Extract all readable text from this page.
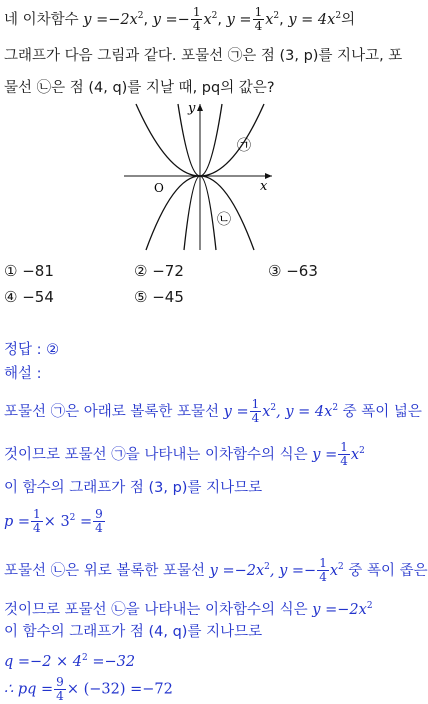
네 이차함수 $y =-2x^2$, $y =- \frac{1}{4} x^2$, $y = \frac{1}{4} x^2$, $y = 4x^2$의
그래프가 다음 그림과 같다. 포물선 ㉠은 점 (3, p)를 지나고, 포
물선 ㉡은 점 (4, q)를 지날 때, pq의 값은?
y
x
O
㉠
㉡
① −81	② −72	③ −63
④ −54	⑤ −45
정답 : ②
해설 :
포물선 ㉠은 아래로 볼록한 포물선 $y = \frac{1}{4} x^2$, $y = 4x^2$ 중 폭이 넓은
것이므로 포물선 ㉠을 나타내는 이차함수의 식은 $y = \frac{1}{4} x^2$
이 함수의 그래프가 점 (3, p)를 지나므로
$p = \frac{1}{4} \times 3^2 = \frac{9}{4}$
포물선 ㉡은 위로 볼록한 포물선 $y =-2x^2$, $y =- \frac{1}{4} x^2$ 중 폭이 좁은
것이므로 포물선 ㉡을 나타내는 이차함수의 식은 $y =-2x^2$
이 함수의 그래프가 점 (4, q)를 지나므로
$q =-2 \times 4^2 =-32$
∴ pq = $\frac{9}{4} \times (-32) =-72$
